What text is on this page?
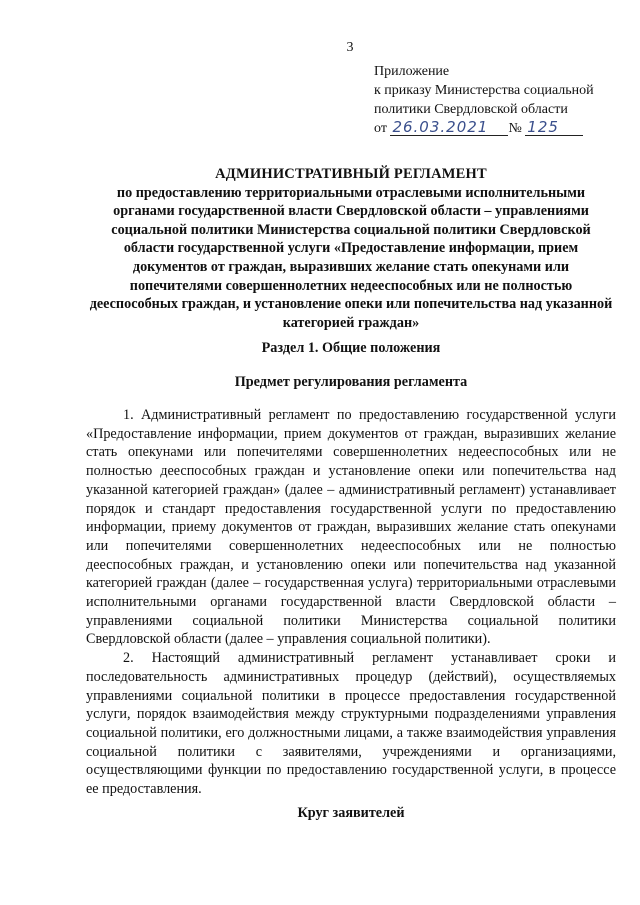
3
Приложение
к приказу Министерства социальной
политики Свердловской области
от 26.03.2021 № 125
АДМИНИСТРАТИВНЫЙ РЕГЛАМЕНТ
по предоставлению территориальными отраслевыми исполнительными органами государственной власти Свердловской области – управлениями социальной политики Министерства социальной политики Свердловской области государственной услуги «Предоставление информации, прием документов от граждан, выразивших желание стать опекунами или попечителями совершеннолетних недееспособных или не полностью дееспособных граждан, и установление опеки или попечительства над указанной категорией граждан»
Раздел 1. Общие положения
Предмет регулирования регламента

1. Административный регламент по предоставлению государственной услуги «Предоставление информации, прием документов от граждан, выразивших желание стать опекунами или попечителями совершеннолетних недееспособных или не полностью дееспособных граждан и установление опеки или попечительства над указанной категорией граждан» (далее – административный регламент) устанавливает порядок и стандарт предоставления государственной услуги по предоставлению информации, приему документов от граждан, выразивших желание стать опекунами или попечителями совершеннолетних недееспособных или не полностью дееспособных граждан, и установлению опеки или попечительства над указанной категорией граждан (далее – государственная услуга) территориальными отраслевыми исполнительными органами государственной власти Свердловской области – управлениями социальной политики Министерства социальной политики Свердловской области (далее – управления социальной политики).

2. Настоящий административный регламент устанавливает сроки и последовательность административных процедур (действий), осуществляемых управлениями социальной политики в процессе предоставления государственной услуги, порядок взаимодействия между структурными подразделениями управления социальной политики, его должностными лицами, а также взаимодействия управления социальной политики с заявителями, учреждениями и организациями, осуществляющими функции по предоставлению государственной услуги, в процессе ее предоставления.

Круг заявителей
